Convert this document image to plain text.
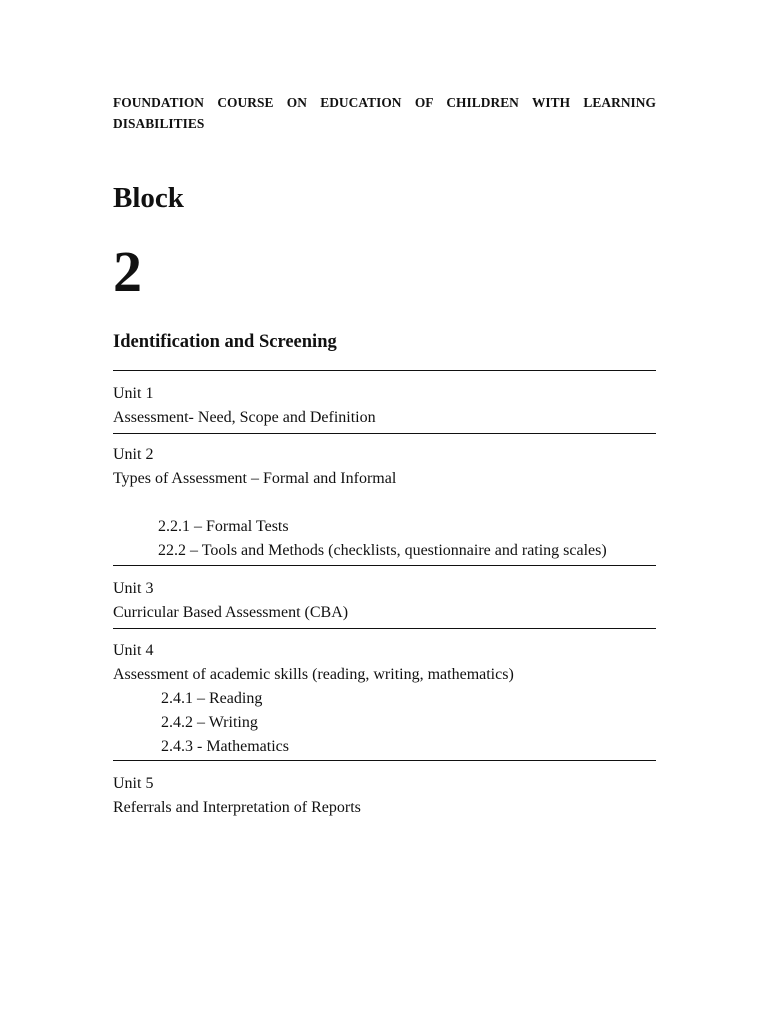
FOUNDATION COURSE ON EDUCATION OF CHILDREN WITH LEARNING DISABILITIES
Block
2
Identification and Screening
Unit 1
Assessment- Need, Scope and Definition
Unit 2
Types of Assessment – Formal and Informal
2.2.1 – Formal Tests
22.2 – Tools and Methods (checklists, questionnaire and rating scales)
Unit 3
Curricular Based Assessment (CBA)
Unit 4
Assessment of academic skills (reading, writing, mathematics)
2.4.1 – Reading
2.4.2 – Writing
2.4.3 - Mathematics
Unit 5
Referrals and Interpretation of Reports
